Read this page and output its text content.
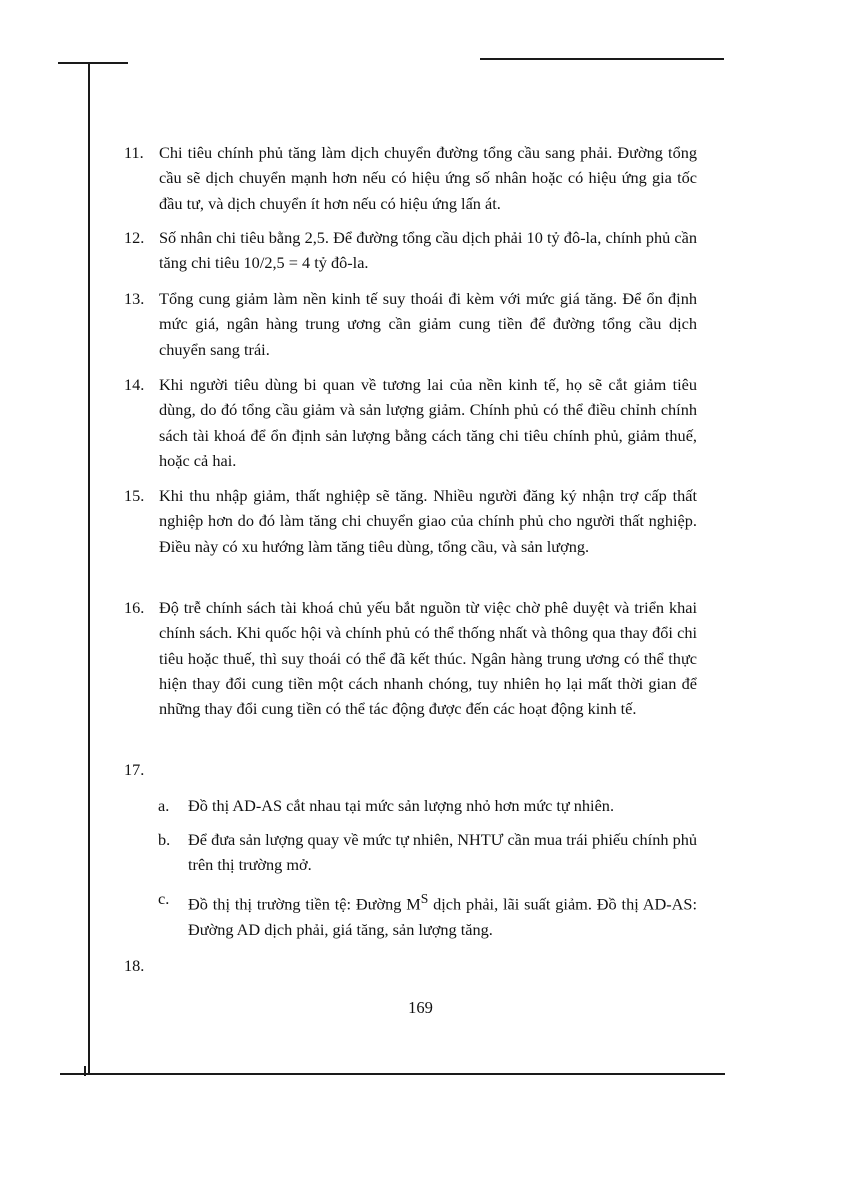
11. Chi tiêu chính phủ tăng làm dịch chuyển đường tổng cầu sang phải. Đường tổng cầu sẽ dịch chuyển mạnh hơn nếu có hiệu ứng số nhân hoặc có hiệu ứng gia tốc đầu tư, và dịch chuyển ít hơn nếu có hiệu ứng lấn át.
12. Số nhân chi tiêu bằng 2,5. Để đường tổng cầu dịch phải 10 tỷ đô-la, chính phủ cần tăng chi tiêu 10/2,5 = 4 tỷ đô-la.
13. Tổng cung giảm làm nền kinh tế suy thoái đi kèm với mức giá tăng. Để ổn định mức giá, ngân hàng trung ương cần giảm cung tiền để đường tổng cầu dịch chuyển sang trái.
14. Khi người tiêu dùng bi quan về tương lai của nền kinh tế, họ sẽ cắt giảm tiêu dùng, do đó tổng cầu giảm và sản lượng giảm. Chính phủ có thể điều chỉnh chính sách tài khoá để ổn định sản lượng bằng cách tăng chi tiêu chính phủ, giảm thuế, hoặc cả hai.
15. Khi thu nhập giảm, thất nghiệp sẽ tăng. Nhiều người đăng ký nhận trợ cấp thất nghiệp hơn do đó làm tăng chi chuyển giao của chính phủ cho người thất nghiệp. Điều này có xu hướng làm tăng tiêu dùng, tổng cầu, và sản lượng.
16. Độ trễ chính sách tài khoá chủ yếu bắt nguồn từ việc chờ phê duyệt và triển khai chính sách. Khi quốc hội và chính phủ có thể thống nhất và thông qua thay đổi chi tiêu hoặc thuế, thì suy thoái có thể đã kết thúc. Ngân hàng trung ương có thể thực hiện thay đổi cung tiền một cách nhanh chóng, tuy nhiên họ lại mất thời gian để những thay đổi cung tiền có thể tác động được đến các hoạt động kinh tế.
17.
a. Đồ thị AD-AS cắt nhau tại mức sản lượng nhỏ hơn mức tự nhiên.
b. Để đưa sản lượng quay về mức tự nhiên, NHTƯ cần mua trái phiếu chính phủ trên thị trường mở.
c. Đồ thị thị trường tiền tệ: Đường $M^S$ dịch phải, lãi suất giảm. Đồ thị AD-AS: Đường AD dịch phải, giá tăng, sản lượng tăng.
18.
169
